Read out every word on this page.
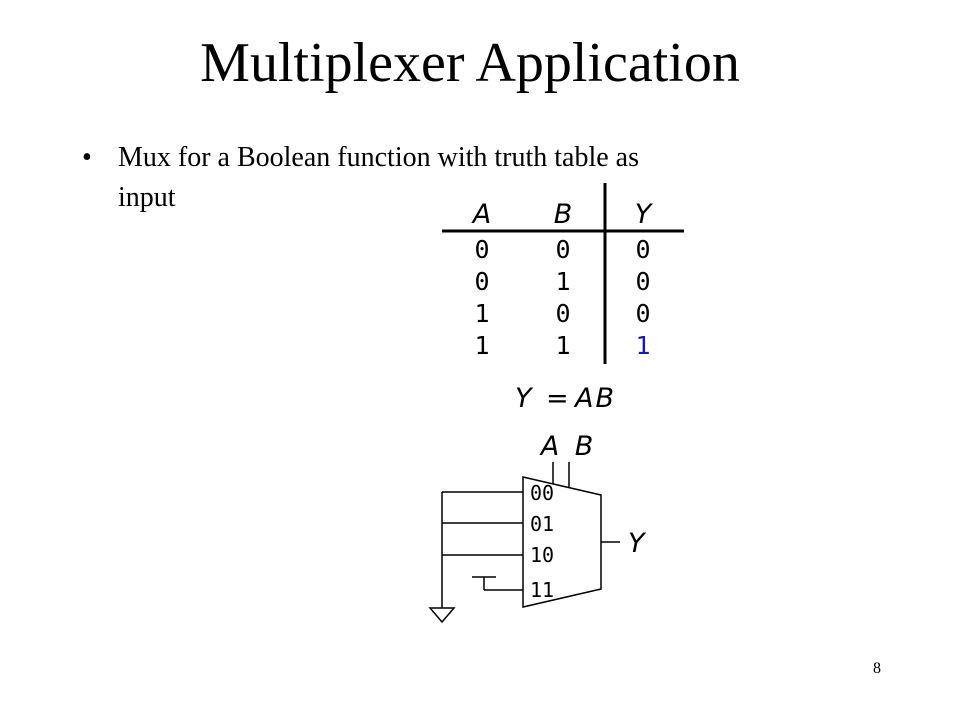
Multiplexer Application
• Mux for a Boolean function with truth table as input
A B Y
0	0	0
0	1	0
1	0	0
1	1	1
Y = AB
A B
00
01
10
11
Y
8
